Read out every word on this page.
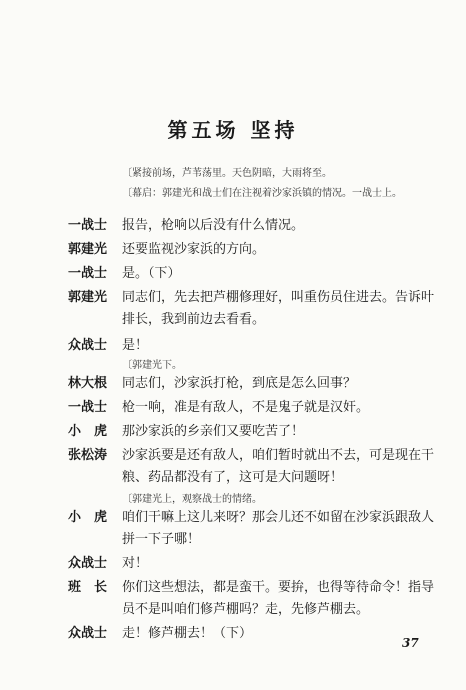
第五场 坚持
〔紧接前场，芦苇荡里。天色阴暗，大雨将至。
〔幕启：郭建光和战士们在注视着沙家浜镇的情况。一战士上。
一战士	报告，枪响以后没有什么情况。
郭建光	还要监视沙家浜的方向。
一战士	是。（下）
郭建光	同志们，先去把芦棚修理好，叫重伤员住进去。告诉叶
排长，我到前边去看看。
众战士	是！
〔郭建光下。
林大根	同志们，沙家浜打枪，到底是怎么回事？
一战士	枪一响，准是有敌人，不是鬼子就是汉奸。
小　虎	那沙家浜的乡亲们又要吃苦了！
张松涛	沙家浜要是还有敌人，咱们暂时就出不去，可是现在干
粮、药品都没有了，这可是大问题呀！
〔郭建光上，观察战士的情绪。
小　虎	咱们干嘛上这儿来呀？那会儿还不如留在沙家浜跟敌人
拼一下子哪！
众战士	对！
班　长	你们这些想法，都是蛮干。要拚，也得等待命令！指导
员不是叫咱们修芦棚吗？走，先修芦棚去。
众战士	走！修芦棚去！（下）
37
